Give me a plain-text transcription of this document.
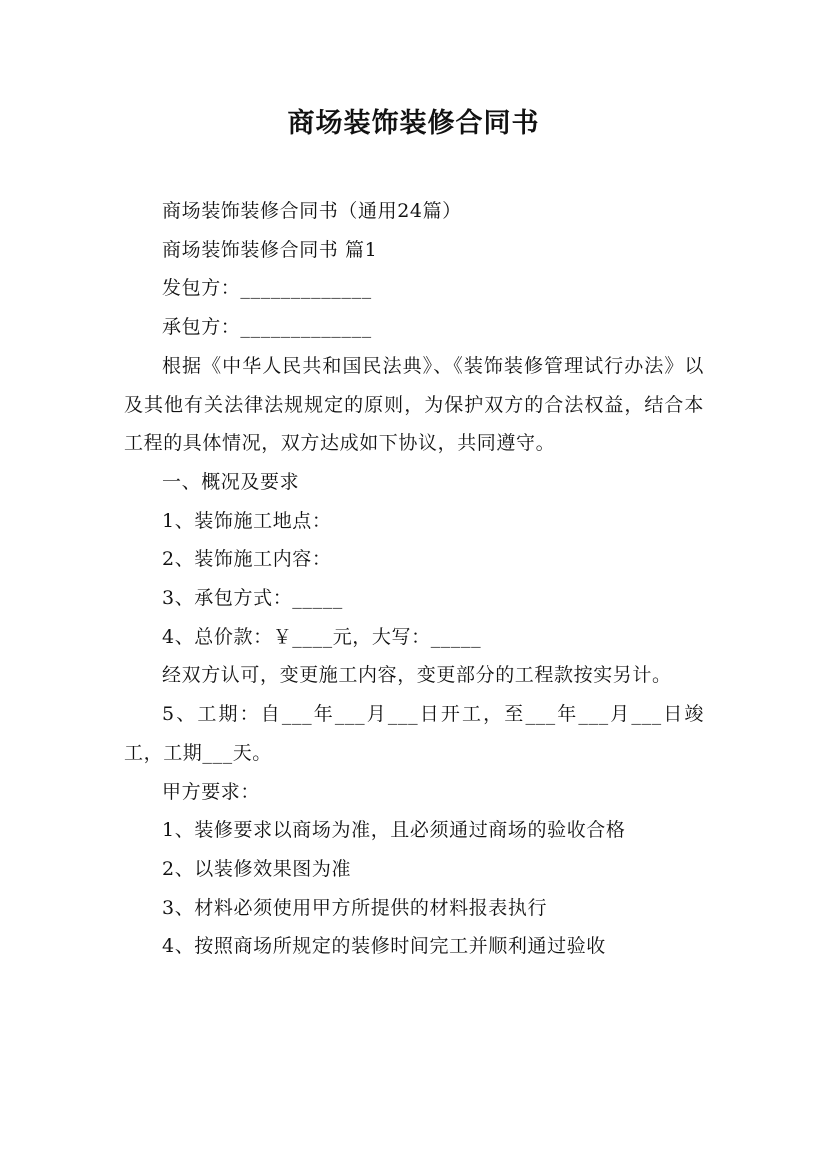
商场装饰装修合同书

商场装饰装修合同书（通用24篇）

商场装饰装修合同书 篇1

发包方：_____________

承包方：_____________

根据《中华人民共和国民法典》、《装饰装修管理试行办法》以及其他有关法律法规规定的原则，为保护双方的合法权益，结合本工程的具体情况，双方达成如下协议，共同遵守。

一、概况及要求

1、装饰施工地点：

2、装饰施工内容：

3、承包方式：_____

4、总价款：￥____元，大写：_____

经双方认可，变更施工内容，变更部分的工程款按实另计。

5、工期：自___年___月___日开工，至___年___月___日竣工，工期___天。

甲方要求：

1、装修要求以商场为准，且必须通过商场的验收合格

2、以装修效果图为准

3、材料必须使用甲方所提供的材料报表执行

4、按照商场所规定的装修时间完工并顺利通过验收
